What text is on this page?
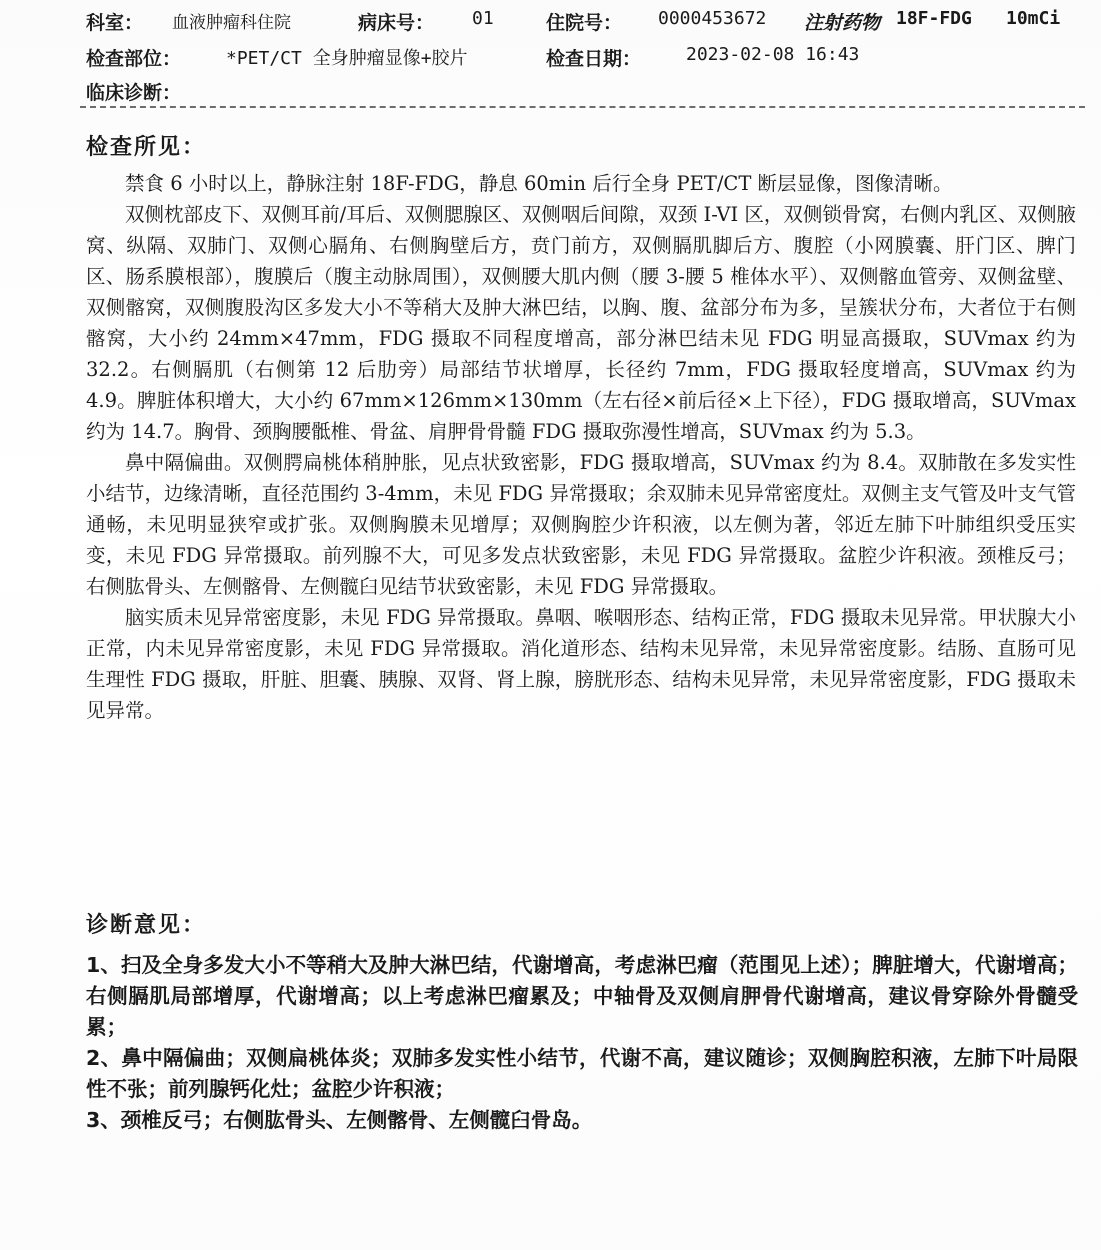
科室： 血液肿瘤科住院	病床号： 01	住院号： 0000453672 注射药物 18F-FDG 10mCi
检查部位： *PET/CT 全身肿瘤显像+胶片	检查日期： 2023-02-08 16:43
临床诊断：
检查所见：

禁食 6 小时以上，静脉注射 18F-FDG，静息 60min 后行全身 PET/CT 断层显像，图像清晰。

双侧枕部皮下、双侧耳前/耳后、双侧腮腺区、双侧咽后间隙，双颈 I-VI 区，双侧锁骨窝，右侧内乳区、双侧腋窝、纵隔、双肺门、双侧心膈角、右侧胸壁后方，贲门前方，双侧膈肌脚后方、腹腔（小网膜囊、肝门区、脾门区、肠系膜根部），腹膜后（腹主动脉周围），双侧腰大肌内侧（腰 3-腰 5 椎体水平）、双侧髂血管旁、双侧盆壁、双侧髂窝，双侧腹股沟区多发大小不等稍大及肿大淋巴结，以胸、腹、盆部分布为多，呈簇状分布，大者位于右侧髂窝，大小约 24mm×47mm，FDG 摄取不同程度增高，部分淋巴结未见 FDG 明显高摄取，SUVmax 约为 32.2。右侧膈肌（右侧第 12 后肋旁）局部结节状增厚，长径约 7mm，FDG 摄取轻度增高，SUVmax 约为 4.9。脾脏体积增大，大小约 67mm×126mm×130mm（左右径×前后径×上下径），FDG 摄取增高，SUVmax 约为 14.7。胸骨、颈胸腰骶椎、骨盆、肩胛骨骨髓 FDG 摄取弥漫性增高，SUVmax 约为 5.3。

鼻中隔偏曲。双侧腭扁桃体稍肿胀，见点状致密影，FDG 摄取增高，SUVmax 约为 8.4。双肺散在多发实性小结节，边缘清晰，直径范围约 3-4mm，未见 FDG 异常摄取；余双肺未见异常密度灶。双侧主支气管及叶支气管通畅，未见明显狭窄或扩张。双侧胸膜未见增厚；双侧胸腔少许积液，以左侧为著，邻近左肺下叶肺组织受压实变，未见 FDG 异常摄取。前列腺不大，可见多发点状致密影，未见 FDG 异常摄取。盆腔少许积液。颈椎反弓；右侧肱骨头、左侧髂骨、左侧髋臼见结节状致密影，未见 FDG 异常摄取。

脑实质未见异常密度影，未见 FDG 异常摄取。鼻咽、喉咽形态、结构正常，FDG 摄取未见异常。甲状腺大小正常，内未见异常密度影，未见 FDG 异常摄取。消化道形态、结构未见异常，未见异常密度影。结肠、直肠可见生理性 FDG 摄取，肝脏、胆囊、胰腺、双肾、肾上腺，膀胱形态、结构未见异常，未见异常密度影，FDG 摄取未见异常。

诊断意见：

1、扫及全身多发大小不等稍大及肿大淋巴结，代谢增高，考虑淋巴瘤（范围见上述）；脾脏增大，代谢增高；右侧膈肌局部增厚，代谢增高；以上考虑淋巴瘤累及；中轴骨及双侧肩胛骨代谢增高，建议骨穿除外骨髓受累；

2、鼻中隔偏曲；双侧扁桃体炎；双肺多发实性小结节，代谢不高，建议随诊；双侧胸腔积液，左肺下叶局限性不张；前列腺钙化灶；盆腔少许积液；

3、颈椎反弓；右侧肱骨头、左侧髂骨、左侧髋臼骨岛。
